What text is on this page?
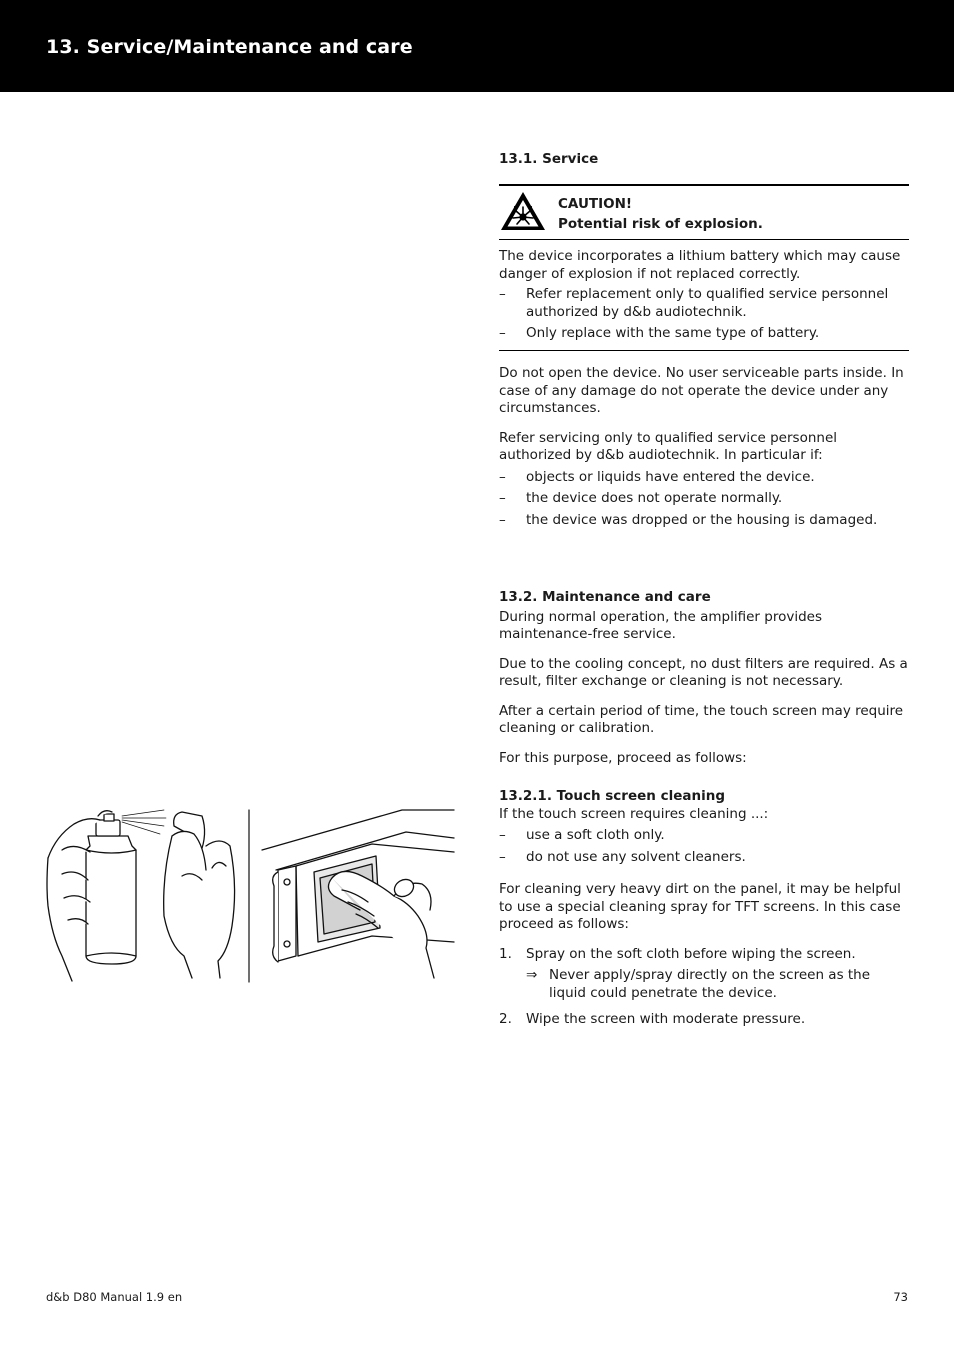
13. Service/Maintenance and care
13.1. Service
CAUTION!
Potential risk of explosion.

The device incorporates a lithium battery which may cause danger of explosion if not replaced correctly.

– Refer replacement only to qualified service personnel authorized by d&b audiotechnik.
– Only replace with the same type of battery.

Do not open the device. No user serviceable parts inside. In case of any damage do not operate the device under any circumstances.

Refer servicing only to qualified service personnel authorized by d&b audiotechnik. In particular if:

– objects or liquids have entered the device.
– the device does not operate normally.
– the device was dropped or the housing is damaged.
13.2. Maintenance and care

During normal operation, the amplifier provides maintenance-free service.

Due to the cooling concept, no dust filters are required. As a result, filter exchange or cleaning is not necessary.

After a certain period of time, the touch screen may require cleaning or calibration.

For this purpose, proceed as follows:

13.2.1. Touch screen cleaning

If the touch screen requires cleaning ...:

– use a soft cloth only.
– do not use any solvent cleaners.

For cleaning very heavy dirt on the panel, it may be helpful to use a special cleaning spray for TFT screens. In this case proceed as follows:

1. Spray on the soft cloth before wiping the screen.
⇒ Never apply/spray directly on the screen as the liquid could penetrate the device.
2. Wipe the screen with moderate pressure.
d&b D80 Manual 1.9 en	73
